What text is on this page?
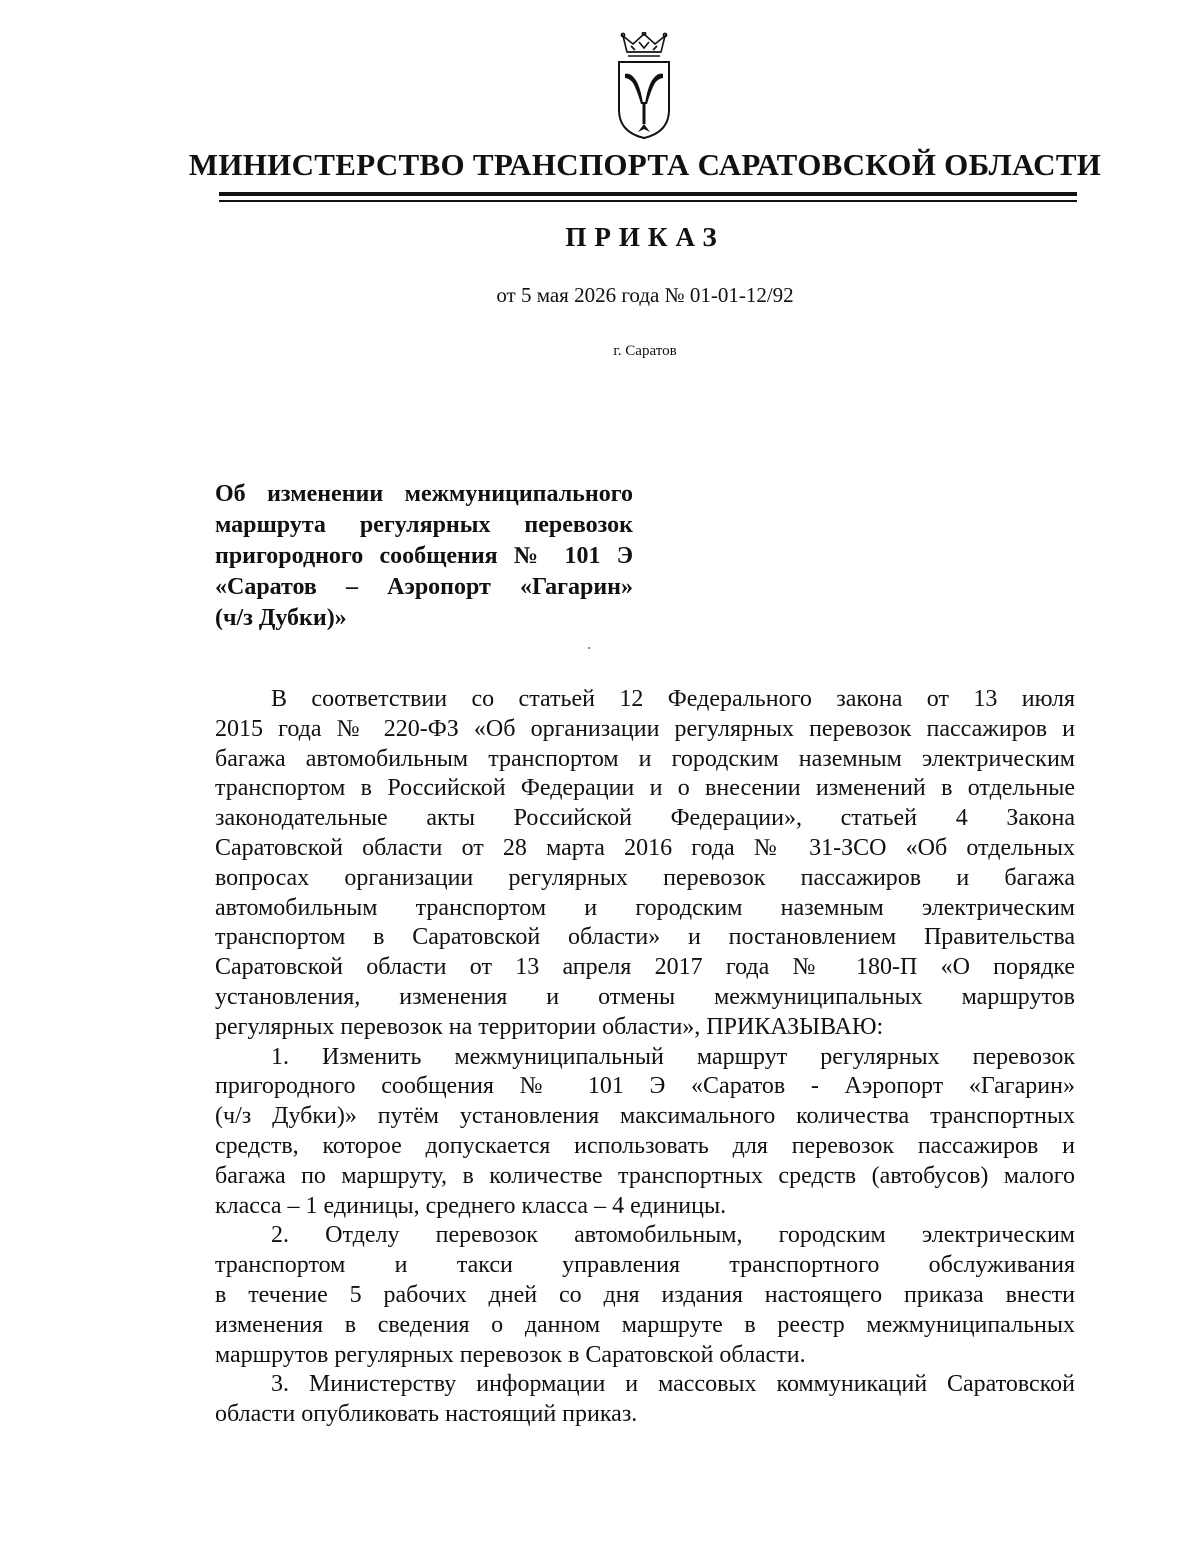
МИНИСТЕРСТВО ТРАНСПОРТА САРАТОВСКОЙ ОБЛАСТИ
ПРИКАЗ
от 5 мая 2026 года № 01-01-12/92
г. Саратов
Об изменении межмуниципального
маршрута регулярных перевозок
пригородного сообщения № 101 Э
«Саратов – Аэропорт «Гагарин»
(ч/з Дубки)»
В соответствии со статьей 12 Федерального закона от 13 июля
2015 года № 220-ФЗ «Об организации регулярных перевозок пассажиров и
багажа автомобильным транспортом и городским наземным электрическим
транспортом в Российской Федерации и о внесении изменений в отдельные
законодательные акты Российской Федерации», статьей 4 Закона
Саратовской области от 28 марта 2016 года № 31-ЗСО «Об отдельных
вопросах организации регулярных перевозок пассажиров и багажа
автомобильным транспортом и городским наземным электрическим
транспортом в Саратовской области» и постановлением Правительства
Саратовской области от 13 апреля 2017 года № 180-П «О порядке
установления, изменения и отмены межмуниципальных маршрутов
регулярных перевозок на территории области», ПРИКАЗЫВАЮ:
1. Изменить межмуниципальный маршрут регулярных перевозок
пригородного сообщения № 101 Э «Саратов - Аэропорт «Гагарин»
(ч/з Дубки)» путём установления максимального количества транспортных
средств, которое допускается использовать для перевозок пассажиров и
багажа по маршруту, в количестве транспортных средств (автобусов) малого
класса – 1 единицы, среднего класса – 4 единицы.
2. Отделу перевозок автомобильным, городским электрическим
транспортом и такси управления транспортного обслуживания
в течение 5 рабочих дней со дня издания настоящего приказа внести
изменения в сведения о данном маршруте в реестр межмуниципальных
маршрутов регулярных перевозок в Саратовской области.
3. Министерству информации и массовых коммуникаций Саратовской
области опубликовать настоящий приказ.
